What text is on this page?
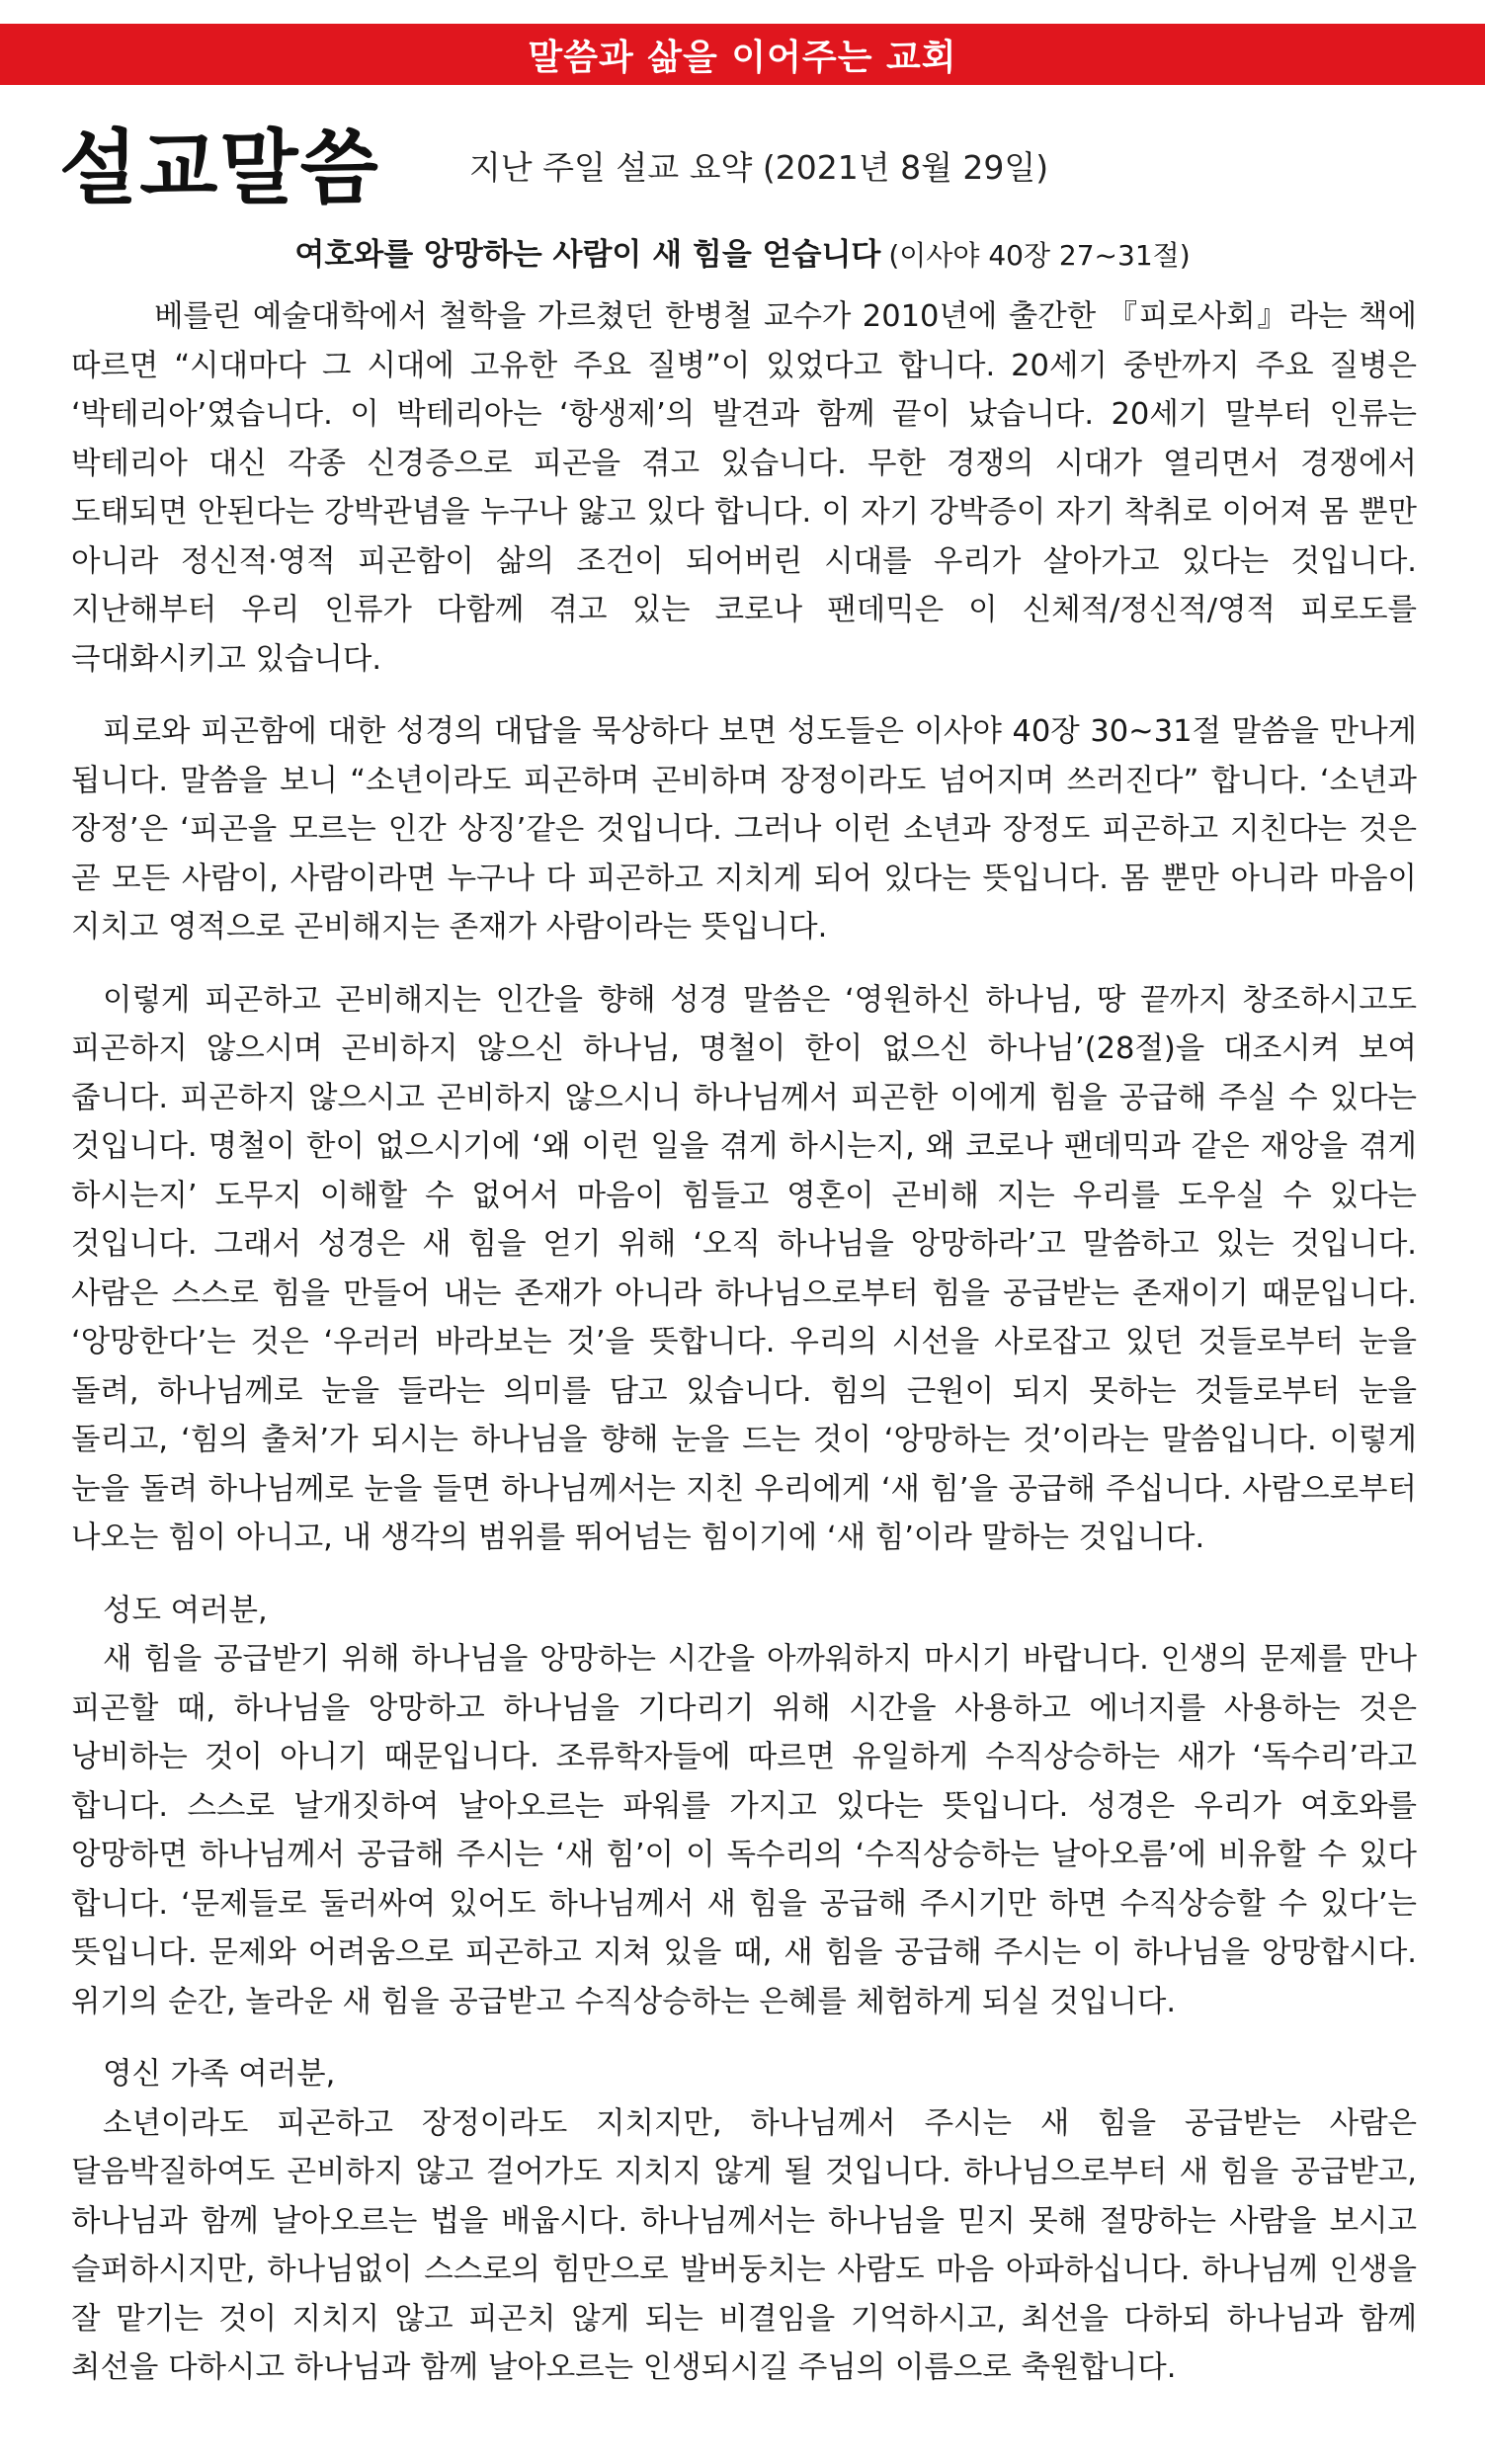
말씀과 삶을 이어주는 교회
설교말씀	지난 주일 설교 요약 (2021년 8월 29일)
여호와를 앙망하는 사람이 새 힘을 얻습니다 (이사야 40장 27~31절)

베를린 예술대학에서 철학을 가르쳤던 한병철 교수가 2010년에 출간한 『피로사회』라는 책에 따르면 “시대마다 그 시대에 고유한 주요 질병”이 있었다고 합니다. 20세기 중반까지 주요 질병은 ‘박테리아’였습니다. 이 박테리아는 ‘항생제’의 발견과 함께 끝이 났습니다. 20세기 말부터 인류는 박테리아 대신 각종 신경증으로 피곤을 겪고 있습니다. 무한 경쟁의 시대가 열리면서 경쟁에서 도태되면 안된다는 강박관념을 누구나 앓고 있다 합니다. 이 자기 강박증이 자기 착취로 이어져 몸 뿐만 아니라 정신적·영적 피곤함이 삶의 조건이 되어버린 시대를 우리가 살아가고 있다는 것입니다. 지난해부터 우리 인류가 다함께 겪고 있는 코로나 팬데믹은 이 신체적/정신적/영적 피로도를 극대화시키고 있습니다.

피로와 피곤함에 대한 성경의 대답을 묵상하다 보면 성도들은 이사야 40장 30~31절 말씀을 만나게 됩니다. 말씀을 보니 “소년이라도 피곤하며 곤비하며 장정이라도 넘어지며 쓰러진다” 합니다. ‘소년과 장정’은 ‘피곤을 모르는 인간 상징’같은 것입니다. 그러나 이런 소년과 장정도 피곤하고 지친다는 것은 곧 모든 사람이, 사람이라면 누구나 다 피곤하고 지치게 되어 있다는 뜻입니다. 몸 뿐만 아니라 마음이 지치고 영적으로 곤비해지는 존재가 사람이라는 뜻입니다.

이렇게 피곤하고 곤비해지는 인간을 향해 성경 말씀은 ‘영원하신 하나님, 땅 끝까지 창조하시고도 피곤하지 않으시며 곤비하지 않으신 하나님, 명철이 한이 없으신 하나님’(28절)을 대조시켜 보여 줍니다. 피곤하지 않으시고 곤비하지 않으시니 하나님께서 피곤한 이에게 힘을 공급해 주실 수 있다는 것입니다. 명철이 한이 없으시기에 ‘왜 이런 일을 겪게 하시는지, 왜 코로나 팬데믹과 같은 재앙을 겪게 하시는지’ 도무지 이해할 수 없어서 마음이 힘들고 영혼이 곤비해 지는 우리를 도우실 수 있다는 것입니다. 그래서 성경은 새 힘을 얻기 위해 ‘오직 하나님을 앙망하라’고 말씀하고 있는 것입니다. 사람은 스스로 힘을 만들어 내는 존재가 아니라 하나님으로부터 힘을 공급받는 존재이기 때문입니다. ‘앙망한다’는 것은 ‘우러러 바라보는 것’을 뜻합니다. 우리의 시선을 사로잡고 있던 것들로부터 눈을 돌려, 하나님께로 눈을 들라는 의미를 담고 있습니다. 힘의 근원이 되지 못하는 것들로부터 눈을 돌리고, ‘힘의 출처’가 되시는 하나님을 향해 눈을 드는 것이 ‘앙망하는 것’이라는 말씀입니다. 이렇게 눈을 돌려 하나님께로 눈을 들면 하나님께서는 지친 우리에게 ‘새 힘’을 공급해 주십니다. 사람으로부터 나오는 힘이 아니고, 내 생각의 범위를 뛰어넘는 힘이기에 ‘새 힘’이라 말하는 것입니다.

성도 여러분,

새 힘을 공급받기 위해 하나님을 앙망하는 시간을 아까워하지 마시기 바랍니다. 인생의 문제를 만나 피곤할 때, 하나님을 앙망하고 하나님을 기다리기 위해 시간을 사용하고 에너지를 사용하는 것은 낭비하는 것이 아니기 때문입니다. 조류학자들에 따르면 유일하게 수직상승하는 새가 ‘독수리’라고 합니다. 스스로 날개짓하여 날아오르는 파워를 가지고 있다는 뜻입니다. 성경은 우리가 여호와를 앙망하면 하나님께서 공급해 주시는 ‘새 힘’이 이 독수리의 ‘수직상승하는 날아오름’에 비유할 수 있다 합니다. ‘문제들로 둘러싸여 있어도 하나님께서 새 힘을 공급해 주시기만 하면 수직상승할 수 있다’는 뜻입니다. 문제와 어려움으로 피곤하고 지쳐 있을 때, 새 힘을 공급해 주시는 이 하나님을 앙망합시다. 위기의 순간, 놀라운 새 힘을 공급받고 수직상승하는 은혜를 체험하게 되실 것입니다.

영신 가족 여러분,

소년이라도 피곤하고 장정이라도 지치지만, 하나님께서 주시는 새 힘을 공급받는 사람은 달음박질하여도 곤비하지 않고 걸어가도 지치지 않게 될 것입니다. 하나님으로부터 새 힘을 공급받고, 하나님과 함께 날아오르는 법을 배웁시다. 하나님께서는 하나님을 믿지 못해 절망하는 사람을 보시고 슬퍼하시지만, 하나님없이 스스로의 힘만으로 발버둥치는 사람도 마음 아파하십니다. 하나님께 인생을 잘 맡기는 것이 지치지 않고 피곤치 않게 되는 비결임을 기억하시고, 최선을 다하되 하나님과 함께 최선을 다하시고 하나님과 함께 날아오르는 인생되시길 주님의 이름으로 축원합니다.
